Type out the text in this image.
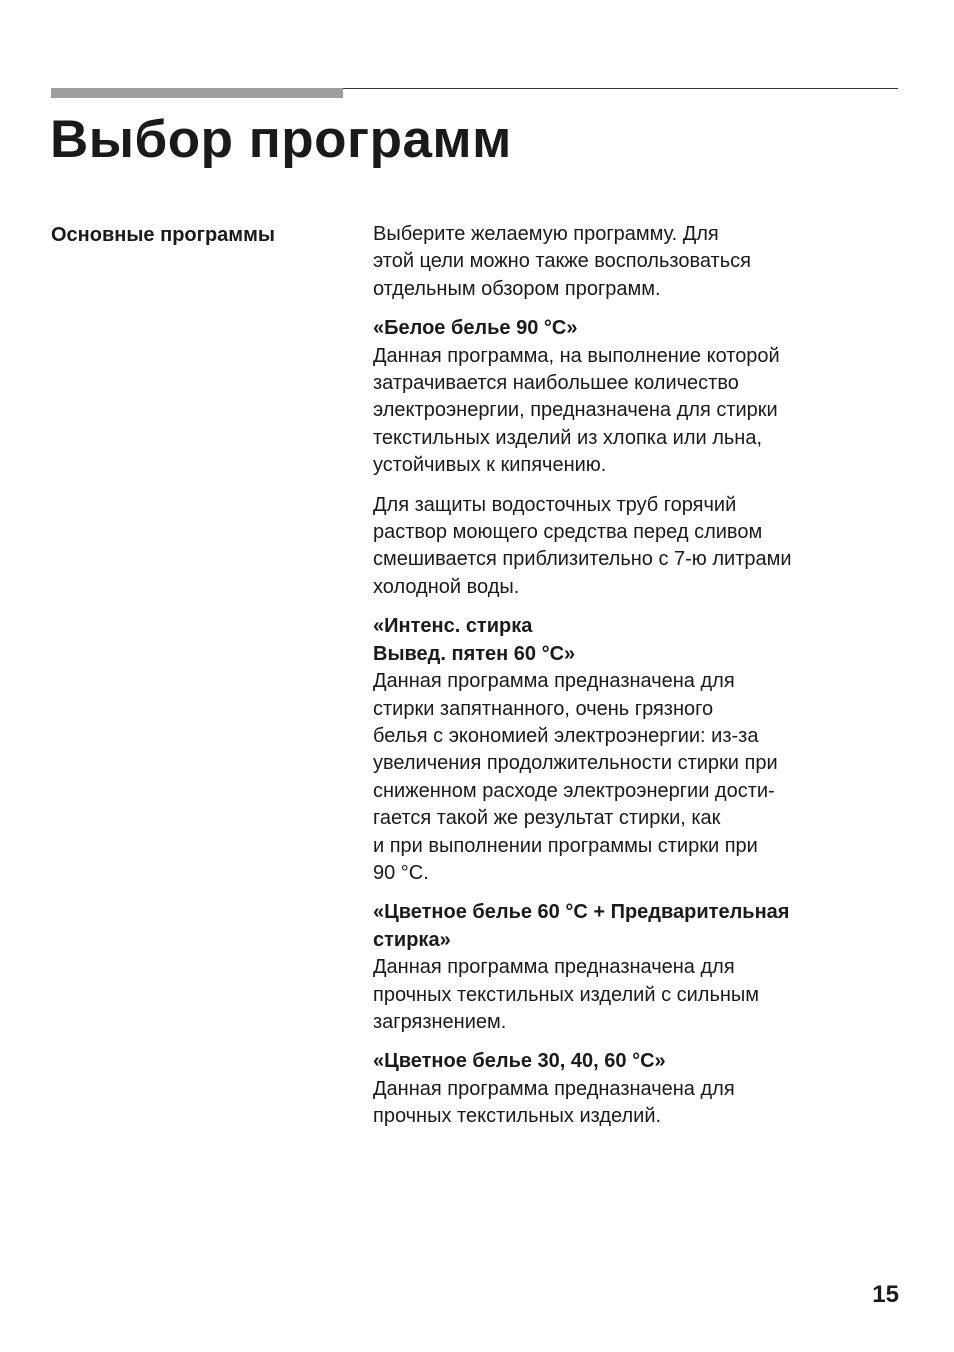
Выбор программ
Основные программы	Выберите желаемую программу. Для
этой цели можно также воспользоваться
отдельным обзором программ.

«Белое белье 90 °С»

Данная программа, на выполнение которой
затрачивается наибольшее количество
электроэнергии, предназначена для стирки
текстильных изделий из хлопка или льна,
устойчивых к кипячению.

Для защиты водосточных труб горячий
раствор моющего средства перед сливом
смешивается приблизительно с 7-ю литрами
холодной воды.

«Интенс. стирка
Вывед. пятен 60 °С»

Данная программа предназначена для
стирки запятнанного, очень грязного
белья с экономией электроэнергии: из-за
увеличения продолжительности стирки при
сниженном расходе электроэнергии дости-
гается такой же результат стирки, как
и при выполнении программы стирки при
90 °С.

«Цветное белье 60 °С + Предварительная
стирка»

Данная программа предназначена для
прочных текстильных изделий с сильным
загрязнением.

«Цветное белье 30, 40, 60 °С»

Данная программа предназначена для
прочных текстильных изделий.

15
